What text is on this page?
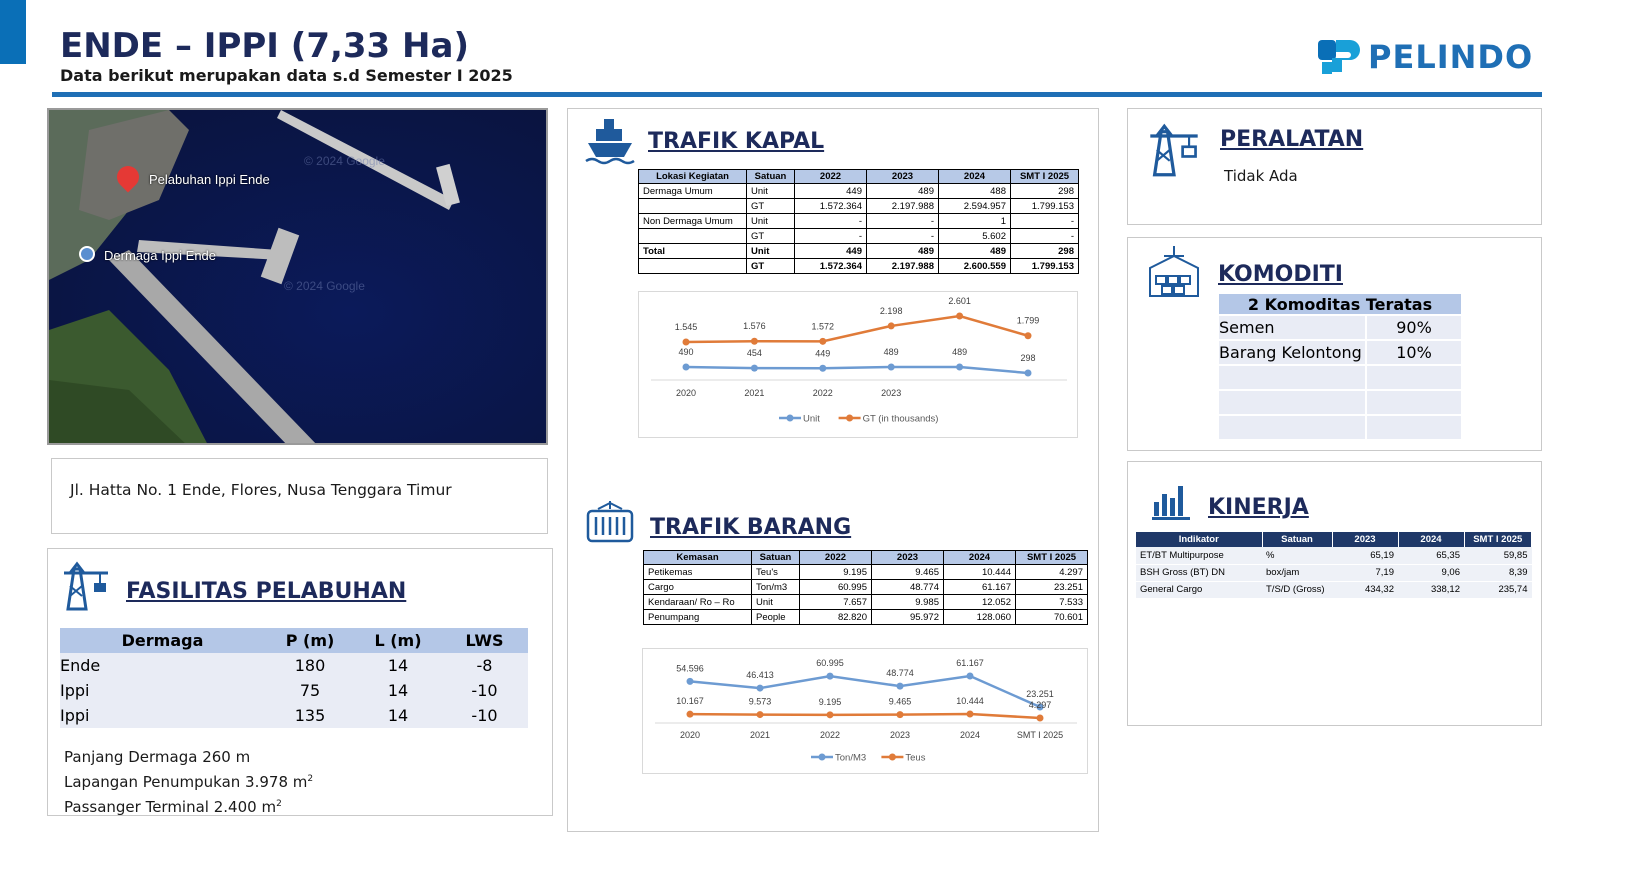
ENDE – IPPI (7,33 Ha)
Data berikut merupakan data s.d Semester I 2025	PELINDO
© 2024 Google
© 2024 Google
Pelabuhan Ippi Ende
Dermaga Ippi Ende
Jl. Hatta No. 1 Ende, Flores, Nusa Tenggara Timur
FASILITAS PELABUHAN
Dermaga	P (m)	L (m)	LWS
Ende	180	14	-8
Ippi	75	14	-10
Ippi	135	14	-10
Panjang Dermaga 260 m
Lapangan Penumpukan 3.978 $m^2$
Passanger Terminal 2.400 $m^2$
TRAFIK KAPAL
Lokasi Kegiatan	Satuan	2022	2023	2024	SMT I 2025
Dermaga Umum	Unit	449	489	488	298
	GT	1.572.364	2.197.988	2.594.957	1.799.153
Non Dermaga Umum	Unit	-	-	1	-
	GT	-	-	5.602	-
Total	Unit	449	489	489	298
	GT	1.572.364	2.197.988	2.600.559	1.799.153
490	454	449	489	489
298
1.545	1.576	1.572
2.198
2.601
1.799
2020	2021	2022	2023
Unit	GT (in thousands)
TRAFIK BARANG
Kemasan	Satuan	2022	2023	2024	SMT I 2025
Petikemas	Teu's	9.195	9.465	10.444	4.297
Cargo	Ton/m3	60.995	48.774	61.167	23.251
Kendaraan/ Ro – Ro	Unit	7.657	9.985	12.052	7.533
Penumpang	People	82.820	95.972	128.060	70.601
54.596
46.413
60.995
48.774
61.167
23.251
10.167	9.573	9.195	9.465	10.444	4.297
2020	2021	2022	2023	2024	SMT I 2025
Ton/M3	Teus
PERALATAN
Tidak Ada
KOMODITI
2 Komoditas Teratas	
Semen	90%
Barang Kelontong	10%

KINERJA
Indikator	Satuan	2023	2024	SMT I 2025
ET/BT Multipurpose	%	65,19	65,35	59,85
BSH Gross (BT) DN	box/jam	7,19	9,06	8,39
General Cargo	T/S/D (Gross)	434,32	338,12	235,74
